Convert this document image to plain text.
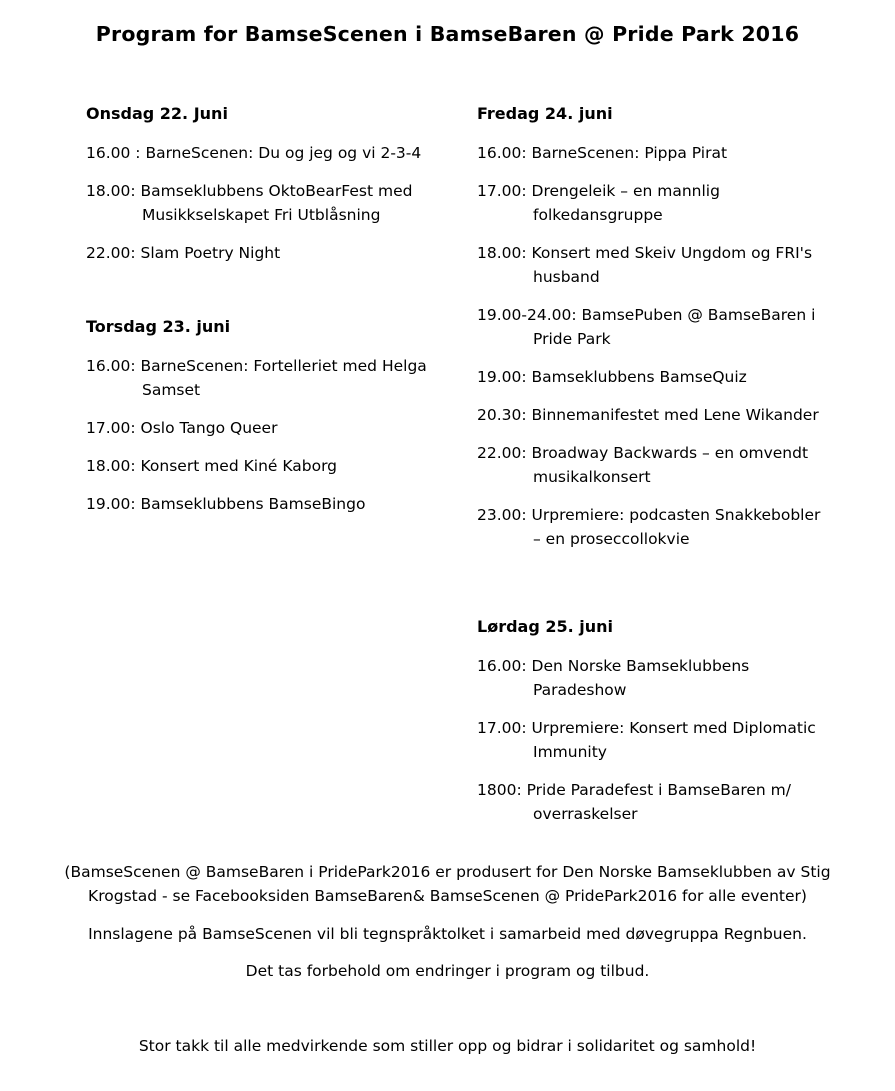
Program for BamseScenen i BamseBaren @ Pride Park 2016
Onsdag 22. Juni
16.00 : BarneScenen: Du og jeg og vi 2-3-4
18.00: Bamseklubbens OktoBearFest med Musikkselskapet Fri Utblåsning
22.00: Slam Poetry Night
Torsdag 23. juni
16.00: BarneScenen: Fortelleriet med Helga Samset
17.00: Oslo Tango Queer
18.00: Konsert med Kiné Kaborg
19.00: Bamseklubbens BamseBingo
Fredag 24. juni
16.00: BarneScenen: Pippa Pirat
17.00: Drengeleik – en mannlig folkedansgruppe
18.00: Konsert med Skeiv Ungdom og FRI's husband
19.00-24.00: BamsePuben @ BamseBaren i Pride Park
19.00: Bamseklubbens BamseQuiz
20.30: Binnemanifestet med Lene Wikander
22.00: Broadway Backwards – en omvendt musikalkonsert
23.00: Urpremiere: podcasten Snakkebobler – en proseccollokvie
Lørdag 25. juni
16.00: Den Norske Bamseklubbens Paradeshow
17.00: Urpremiere: Konsert med Diplomatic Immunity
1800: Pride Paradefest i BamseBaren m/ overraskelser
(BamseScenen @ BamseBaren i PridePark2016 er produsert for Den Norske Bamseklubben av Stig Krogstad - se Facebooksiden BamseBaren& BamseScenen @ PridePark2016 for alle eventer)
Innslagene på BamseScenen vil bli tegnspråktolket i samarbeid med døvegruppa Regnbuen.
Det tas forbehold om endringer i program og tilbud.
Stor takk til alle medvirkende som stiller opp og bidrar i solidaritet og samhold!
